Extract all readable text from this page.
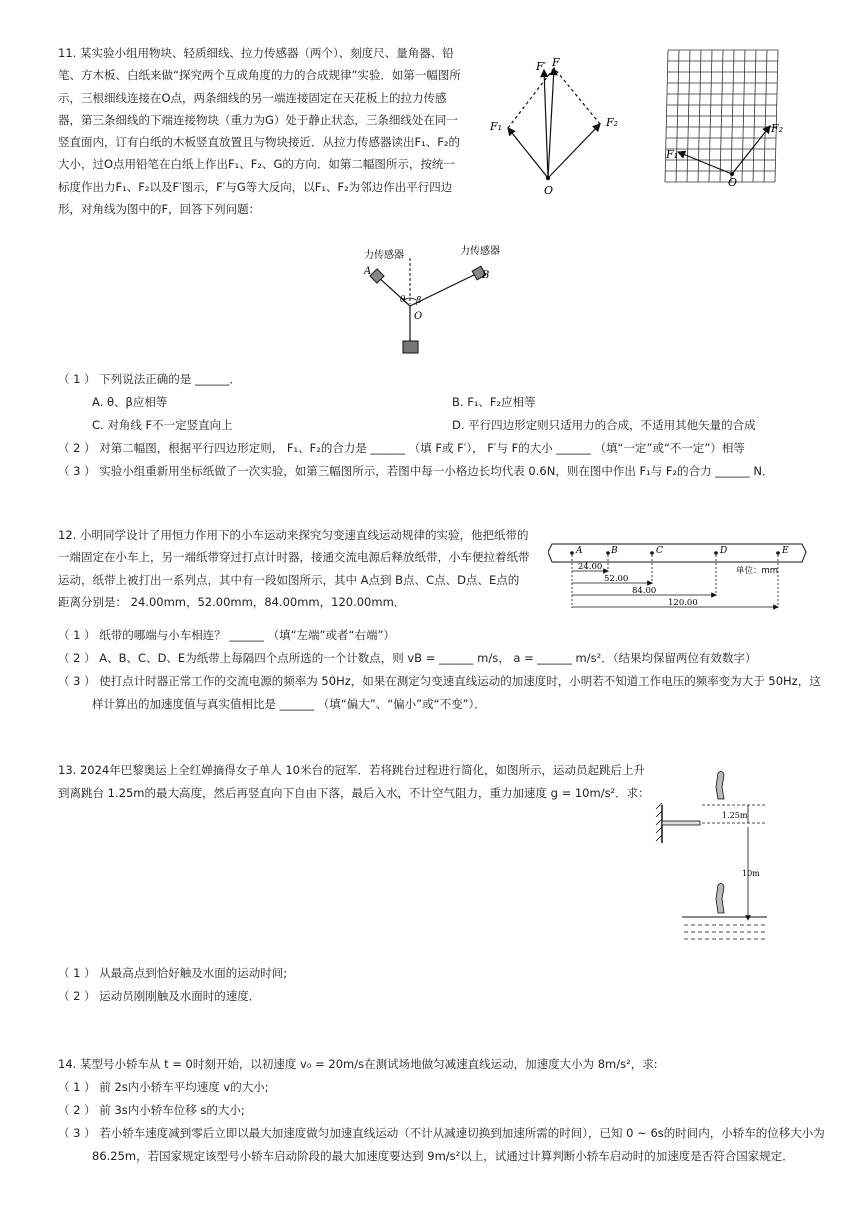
11. 某实验小组用物块、轻质细线、拉力传感器（两个）、刻度尺、量角器、铅笔、方木板、白纸来做“探究两个互成角度的力的合成规律”实验．如第一幅图所示，三根细线连接在O点，两条细线的另一端连接固定在天花板上的拉力传感器，第三条细线的下端连接物块（重力为G）处于静止状态，三条细线处在同一竖直面内，订有白纸的木板竖直放置且与物块接近．从拉力传感器读出F₁、F₂的大小，过O点用铅笔在白纸上作出F₁、F₂、G的方向．如第二幅图所示，按统一标度作出力F₁、F₂以及F′图示，F′与G等大反向，以F₁、F₂为邻边作出平行四边形，对角线为图中的F，回答下列问题：
F′ F
F₁	F₂
O
F₁
F₂
O
力传感器	力传感器
A	B
θ β
O
（ 1 ） 下列说法正确的是 ______．
A. θ、β应相等	B. F₁、F₂应相等
C. 对角线 F不一定竖直向上	D. 平行四边形定则只适用力的合成，不适用其他矢量的合成
（ 2 ） 对第二幅图，根据平行四边形定则， F₁、F₂的合力是 ______ （填 F或 F′）， F′与 F的大小 ______ （填“一定”或“不一定”）相等
（ 3 ） 实验小组重新用坐标纸做了一次实验，如第三幅图所示，若图中每一小格边长均代表 0.6N，则在图中作出 F₁与 F₂的合力 ______ N．
12. 小明同学设计了用恒力作用下的小车运动来探究匀变速直线运动规律的实验，他把纸带的一端固定在小车上，另一端纸带穿过打点计时器，接通交流电源后释放纸带，小车便拉着纸带运动，纸带上被打出一系列点，其中有一段如图所示，其中 A点到 B点、C点、D点、E点的距离分别是： 24.00mm，52.00mm，84.00mm，120.00mm．
A	B	C	D	E
24.00
52.00
84.00
120.00
单位：mm
（ 1 ） 纸带的哪端与小车相连？ ______ （填“左端”或者“右端”）
（ 2 ） A、B、C、D、E为纸带上每隔四个点所选的一个计数点，则 vB = ______ m/s， a = ______ m/s²．（结果均保留两位有效数字）
（ 3 ） 使打点计时器正常工作的交流电源的频率为 50Hz，如果在测定匀变速直线运动的加速度时，小明若不知道工作电压的频率变为大于 50Hz，这
样计算出的加速度值与真实值相比是 ______ （填“偏大”、“偏小”或“不变”）．
13. 2024年巴黎奥运上全红婵摘得女子单人 10米台的冠军．若将跳台过程进行简化，如图所示，运动员起跳后上升
到离跳台 1.25m的最大高度，然后再竖直向下自由下落，最后入水，不计空气阻力，重力加速度 g = 10m/s²．求：
1.25m
10m
（ 1 ） 从最高点到恰好触及水面的运动时间;
（ 2 ） 运动员刚刚触及水面时的速度．
14. 某型号小轿车从 t = 0时刻开始，以初速度 v₀ = 20m/s在测试场地做匀减速直线运动，加速度大小为 8m/s²，求:
（ 1 ） 前 2s内小轿车平均速度 v的大小;
（ 2 ） 前 3s内小轿车位移 s的大小;
（ 3 ） 若小轿车速度减到零后立即以最大加速度做匀加速直线运动（不计从减速切换到加速所需的时间），已知 0 ~ 6s的时间内，小轿车的位移大小为
86.25m，若国家规定该型号小轿车启动阶段的最大加速度要达到 9m/s²以上，试通过计算判断小轿车启动时的加速度是否符合国家规定．
